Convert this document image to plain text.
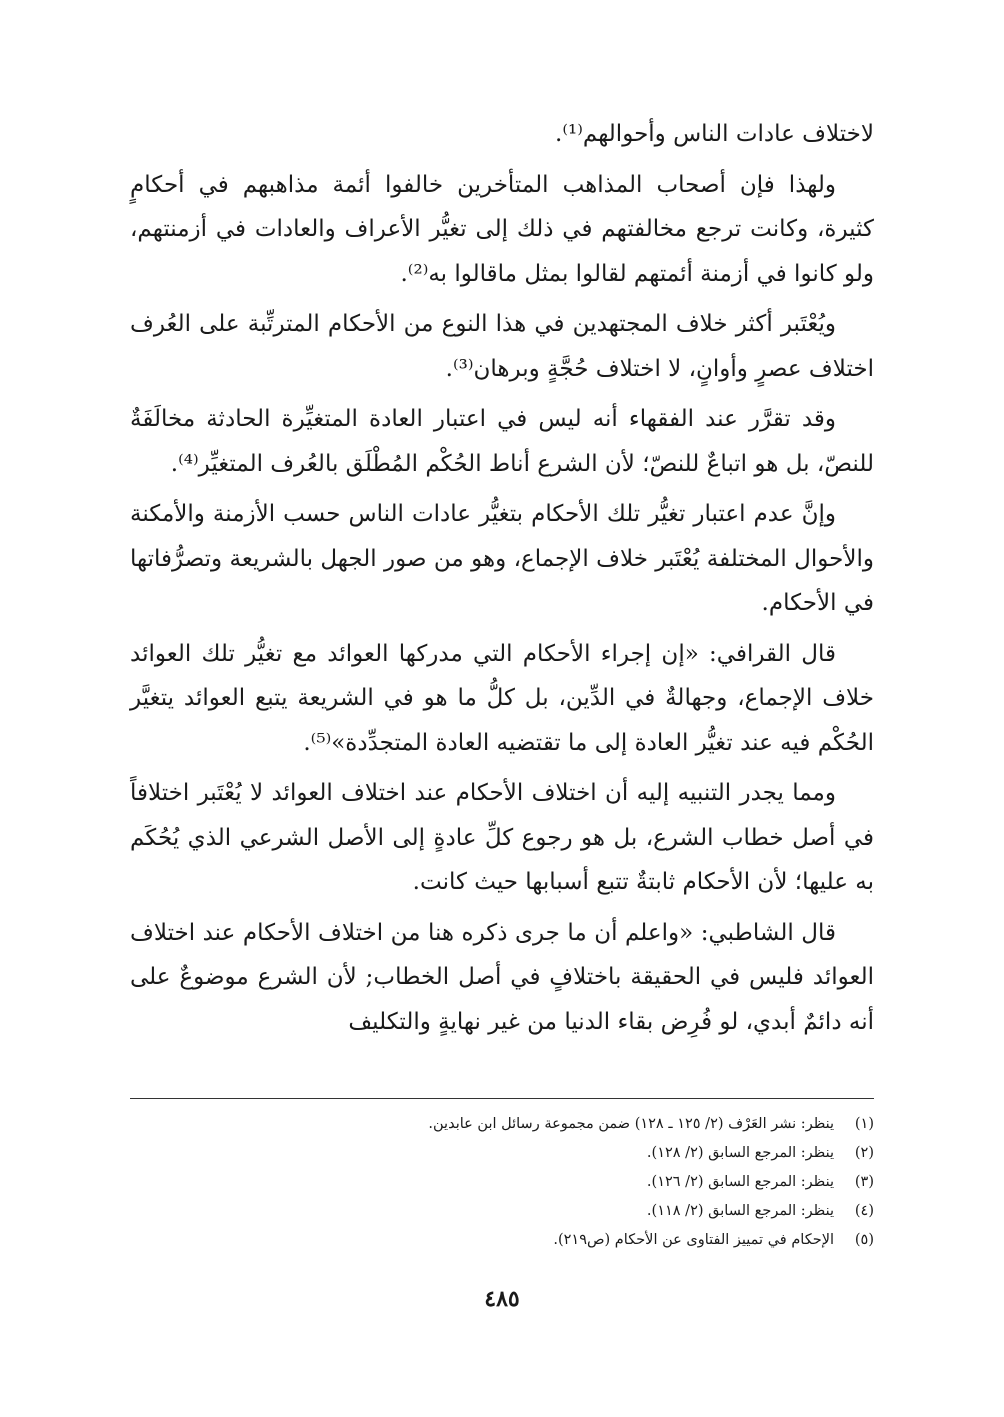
لاختلاف عادات الناس وأحوالهم⁽¹⁾.

ولهذا فإن أصحاب المذاهب المتأخرين خالفوا أئمة مذاهبهم في أحكامٍ كثيرة، وكانت ترجع مخالفتهم في ذلك إلى تغيُّر الأعراف والعادات في أزمنتهم، ولو كانوا في أزمنة أئمتهم لقالوا بمثل ماقالوا به⁽²⁾.

ويُعْتَبر أكثر خلاف المجتهدين في هذا النوع من الأحكام المترتِّبة على العُرف اختلاف عصرٍ وأوانٍ، لا اختلاف حُجَّةٍ وبرهان⁽³⁾.

وقد تقرَّر عند الفقهاء أنه ليس في اعتبار العادة المتغيِّرة الحادثة مخالَفَةٌ للنصّ، بل هو اتباعٌ للنصّ؛ لأن الشرع أناط الحُكْم المُطْلَق بالعُرف المتغيِّر⁽⁴⁾.

وإنَّ عدم اعتبار تغيُّر تلك الأحكام بتغيُّر عادات الناس حسب الأزمنة والأمكنة والأحوال المختلفة يُعْتَبر خلاف الإجماع، وهو من صور الجهل بالشريعة وتصرُّفاتها في الأحكام.

قال القرافي: «إن إجراء الأحكام التي مدركها العوائد مع تغيُّر تلك العوائد خلاف الإجماع، وجهالةٌ في الدِّين، بل كلُّ ما هو في الشريعة يتبع العوائد يتغيَّر الحُكْم فيه عند تغيُّر العادة إلى ما تقتضيه العادة المتجدِّدة»⁽⁵⁾.

ومما يجدر التنبيه إليه أن اختلاف الأحكام عند اختلاف العوائد لا يُعْتَبر اختلافاً في أصل خطاب الشرع، بل هو رجوع كلِّ عادةٍ إلى الأصل الشرعي الذي يُحُكَم به عليها؛ لأن الأحكام ثابتةٌ تتبع أسبابها حيث كانت.

قال الشاطبي: «واعلم أن ما جرى ذكره هنا من اختلاف الأحكام عند اختلاف العوائد فليس في الحقيقة باختلافٍ في أصل الخطاب; لأن الشرع موضوعٌ على أنه دائمٌ أبدي، لو فُرِض بقاء الدنيا من غير نهايةٍ والتكليف

(١)
ينظر: نشر العَرْف (٢/ ١٢٥ ـ ١٢٨) ضمن مجموعة رسائل ابن عابدين.
(٢)
ينظر: المرجع السابق (٢/ ١٢٨).
(٣)
ينظر: المرجع السابق (٢/ ١٢٦).
(٤)
ينظر: المرجع السابق (٢/ ١١٨).
(٥)
الإحكام في تمييز الفتاوى عن الأحكام (ص٢١٩).
٤٨٥
